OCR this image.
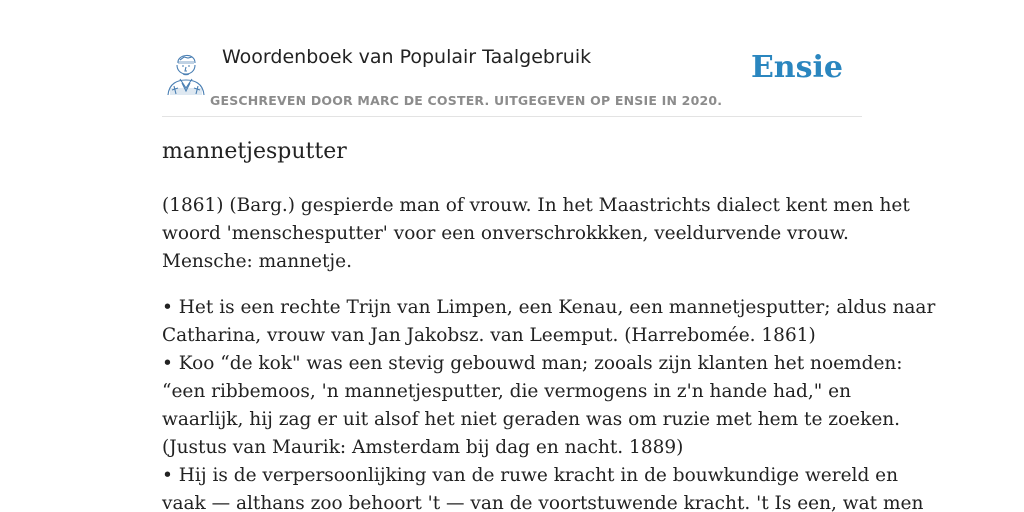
Woordenboek van Populair Taalgebruik
GESCHREVEN DOOR MARC DE COSTER. UITGEGEVEN OP ENSIE IN 2020.
Ensie
mannetjesputter

(1861) (Barg.) gespierde man of vrouw. In het Maastrichts dialect kent men het
woord 'menschesputter' voor een onverschrokkken, veeldurvende vrouw.
Mensche: mannetje.

• Het is een rechte Trijn van Limpen, een Kenau, een mannetjesputter; aldus naar
Catharina, vrouw van Jan Jakobsz. van Leemput. (Harrebomée. 1861)
• Koo “de kok" was een stevig gebouwd man; zooals zijn klanten het noemden:
“een ribbemoos, 'n mannetjesputter, die vermogens in z'n hande had," en
waarlijk, hij zag er uit alsof het niet geraden was om ruzie met hem te zoeken.
(Justus van Maurik: Amsterdam bij dag en nacht. 1889)
• Hij is de verpersoonlijking van de ruwe kracht in de bouwkundige wereld en
vaak — althans zoo behoort 't — van de voortstuwende kracht. 't Is een, wat men
